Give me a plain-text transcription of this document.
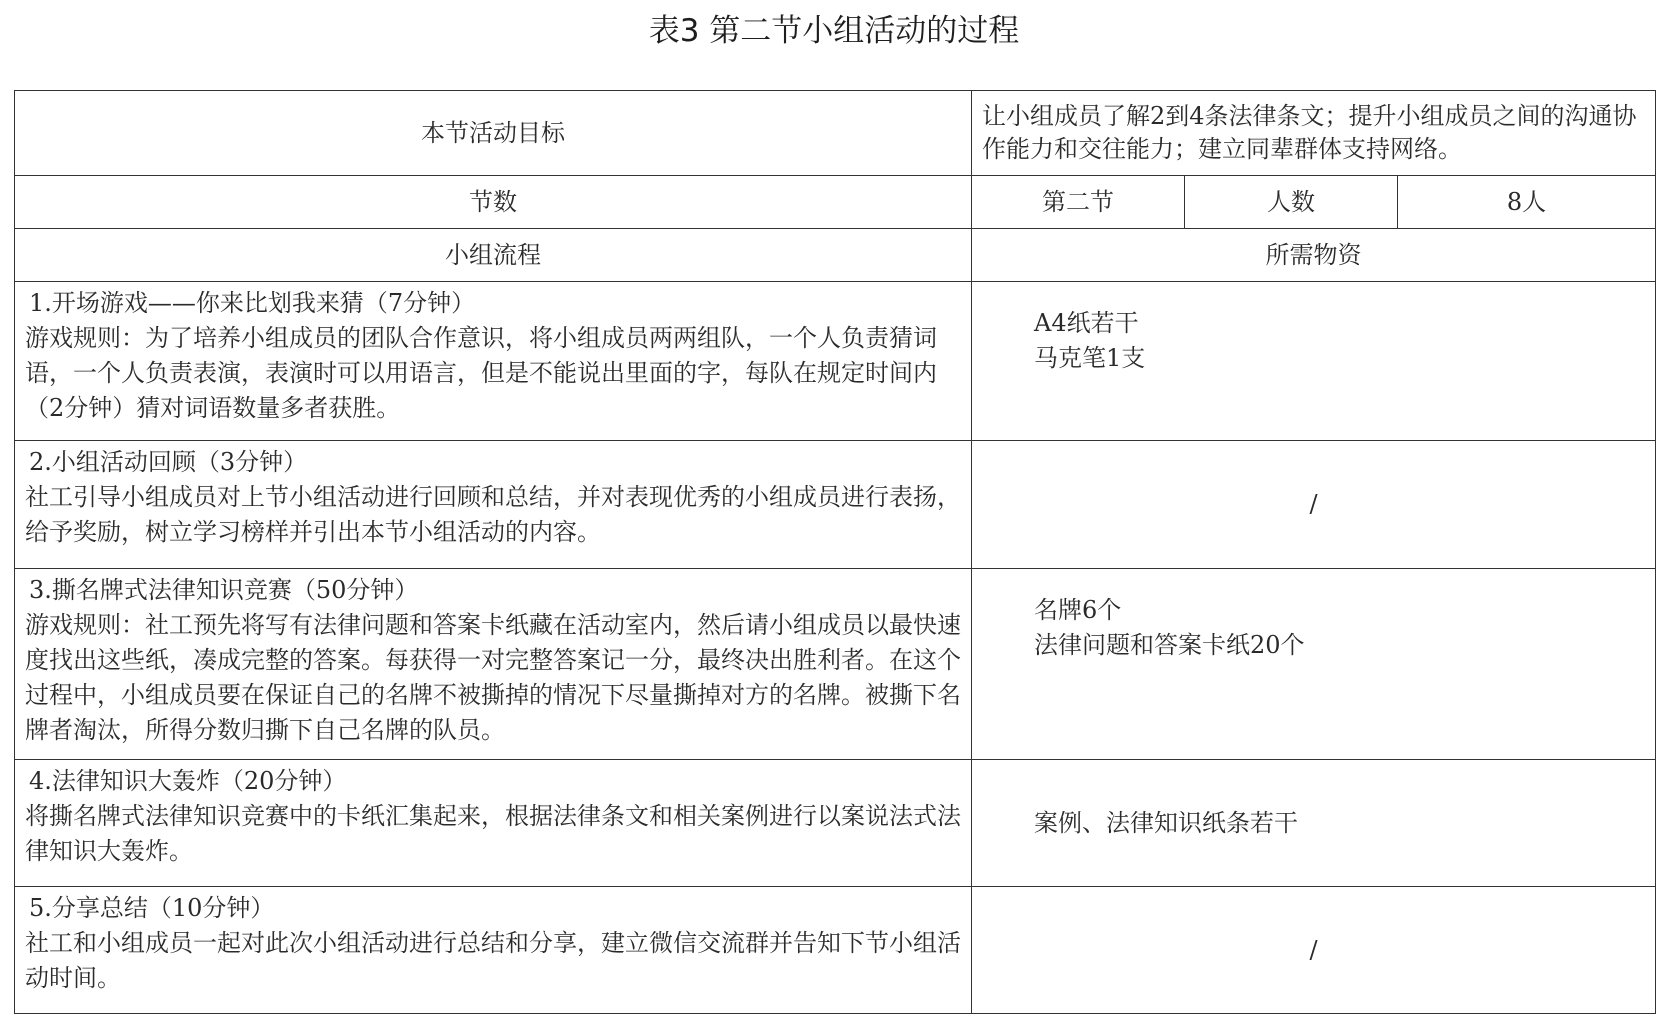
表3 第二节小组活动的过程
本节活动目标	让小组成员了解2到4条法律条文；提升小组成员之间的沟通协作能力和交往能力；建立同辈群体支持网络。		
节数	第二节	人数	8人
小组流程	所需物资		

1.开场游戏——你来比划我来猜（7分钟）
游戏规则：为了培养小组成员的团队合作意识，将小组成员两两组队，一个人负责猜词语，一个人负责表演，表演时可以用语言，但是不能说出里面的字，每队在规定时间内（2分钟）猜对词语数量多者获胜。	A4纸若干
马克笔1支		

2.小组活动回顾（3分钟）
社工引导小组成员对上节小组活动进行回顾和总结，并对表现优秀的小组成员进行表扬，给予奖励，树立学习榜样并引出本节小组活动的内容。	/		

3.撕名牌式法律知识竞赛（50分钟）
游戏规则：社工预先将写有法律问题和答案卡纸藏在活动室内，然后请小组成员以最快速度找出这些纸，凑成完整的答案。每获得一对完整答案记一分，最终决出胜利者。在这个过程中，小组成员要在保证自己的名牌不被撕掉的情况下尽量撕掉对方的名牌。被撕下名牌者淘汰，所得分数归撕下自己名牌的队员。	名牌6个
法律问题和答案卡纸20个		

4.法律知识大轰炸（20分钟）
将撕名牌式法律知识竞赛中的卡纸汇集起来，根据法律条文和相关案例进行以案说法式法律知识大轰炸。	案例、法律知识纸条若干		

5.分享总结（10分钟）
社工和小组成员一起对此次小组活动进行总结和分享，建立微信交流群并告知下节小组活动时间。	/		
